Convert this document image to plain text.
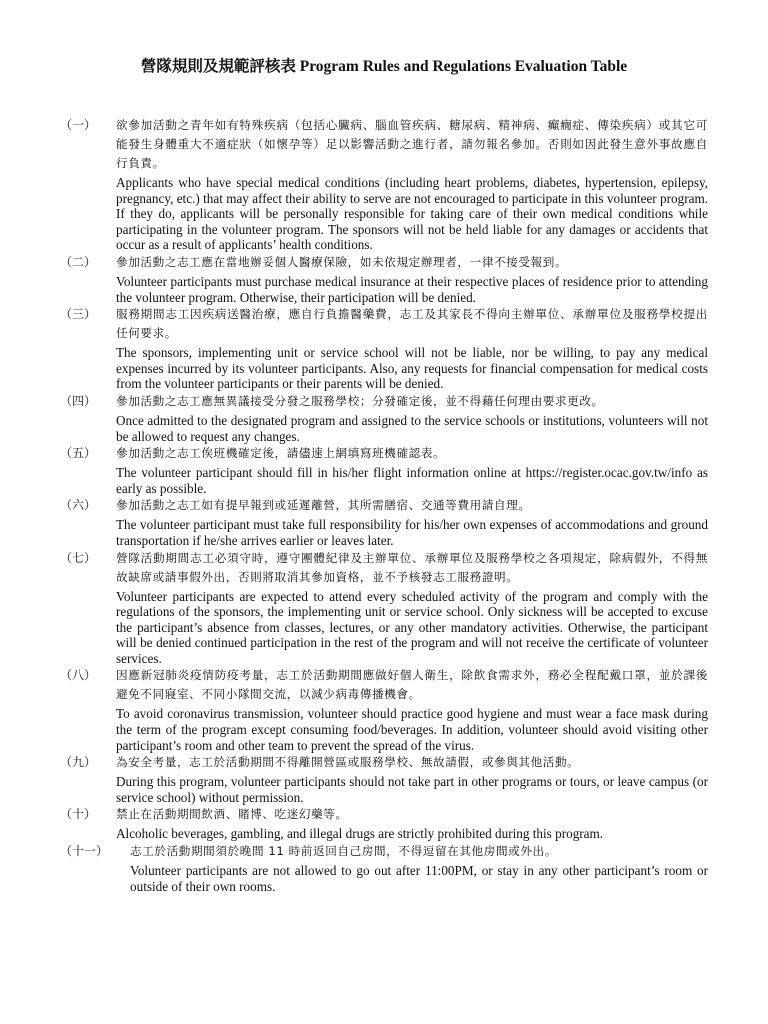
營隊規則及規範評核表 Program Rules and Regulations Evaluation Table
（一）	欲參加活動之青年如有特殊疾病（包括心臟病、腦血管疾病、糖尿病、精神病、癲癇症、傳染疾病）或其它可能發生身體重大不適症狀（如懷孕等）足以影響活動之進行者，請勿報名參加。否則如因此發生意外事故應自行負責。

Applicants who have special medical conditions (including heart problems, diabetes, hypertension, epilepsy, pregnancy, etc.) that may affect their ability to serve are not encouraged to participate in this volunteer program. If they do, applicants will be personally responsible for taking care of their own medical conditions while participating in the volunteer program. The sponsors will not be held liable for any damages or accidents that occur as a result of applicants’ health conditions.

（二）	參加活動之志工應在當地辦妥個人醫療保險，如未依規定辦理者，一律不接受報到。

Volunteer participants must purchase medical insurance at their respective places of residence prior to attending the volunteer program. Otherwise, their participation will be denied.

（三）	服務期間志工因疾病送醫治療，應自行負擔醫藥費，志工及其家長不得向主辦單位、承辦單位及服務學校提出任何要求。

The sponsors, implementing unit or service school will not be liable, nor be willing, to pay any medical expenses incurred by its volunteer participants. Also, any requests for financial compensation for medical costs from the volunteer participants or their parents will be denied.

（四）	參加活動之志工應無異議接受分發之服務學校；分發確定後，並不得藉任何理由要求更改。

Once admitted to the designated program and assigned to the service schools or institutions, volunteers will not be allowed to request any changes.

（五）	參加活動之志工俟班機確定後，請儘速上網填寫班機確認表。

The volunteer participant should fill in his/her flight information online at https://register.ocac.gov.tw/info as early as possible.

（六）	參加活動之志工如有提早報到或延遲離營，其所需膳宿、交通等費用請自理。

The volunteer participant must take full responsibility for his/her own expenses of accommodations and ground transportation if he/she arrives earlier or leaves later.

（七）	營隊活動期間志工必須守時，遵守團體紀律及主辦單位、承辦單位及服務學校之各項規定，除病假外，不得無故缺席或請事假外出，否則將取消其參加資格，並不予核發志工服務證明。

Volunteer participants are expected to attend every scheduled activity of the program and comply with the regulations of the sponsors, the implementing unit or service school. Only sickness will be accepted to excuse the participant’s absence from classes, lectures, or any other mandatory activities. Otherwise, the participant will be denied continued participation in the rest of the program and will not receive the certificate of volunteer services.

（八）	因應新冠肺炎疫情防疫考量，志工於活動期間應做好個人衛生，除飲食需求外，務必全程配戴口罩，並於課後避免不同寢室、不同小隊間交流，以減少病毒傳播機會。

To avoid coronavirus transmission, volunteer should practice good hygiene and must wear a face mask during the term of the program except consuming food/beverages. In addition, volunteer should avoid visiting other participant’s room and other team to prevent the spread of the virus.

（九）	為安全考量，志工於活動期間不得離開營區或服務學校、無故請假，或參與其他活動。

During this program, volunteer participants should not take part in other programs or tours, or leave campus (or service school) without permission.

（十）	禁止在活動期間飲酒、賭博、吃迷幻藥等。

Alcoholic beverages, gambling, and illegal drugs are strictly prohibited during this program.

（十一）	志工於活動期間須於晚間 11 時前返回自己房間，不得逗留在其他房間或外出。

Volunteer participants are not allowed to go out after 11:00PM, or stay in any other participant’s room or outside of their own rooms.
